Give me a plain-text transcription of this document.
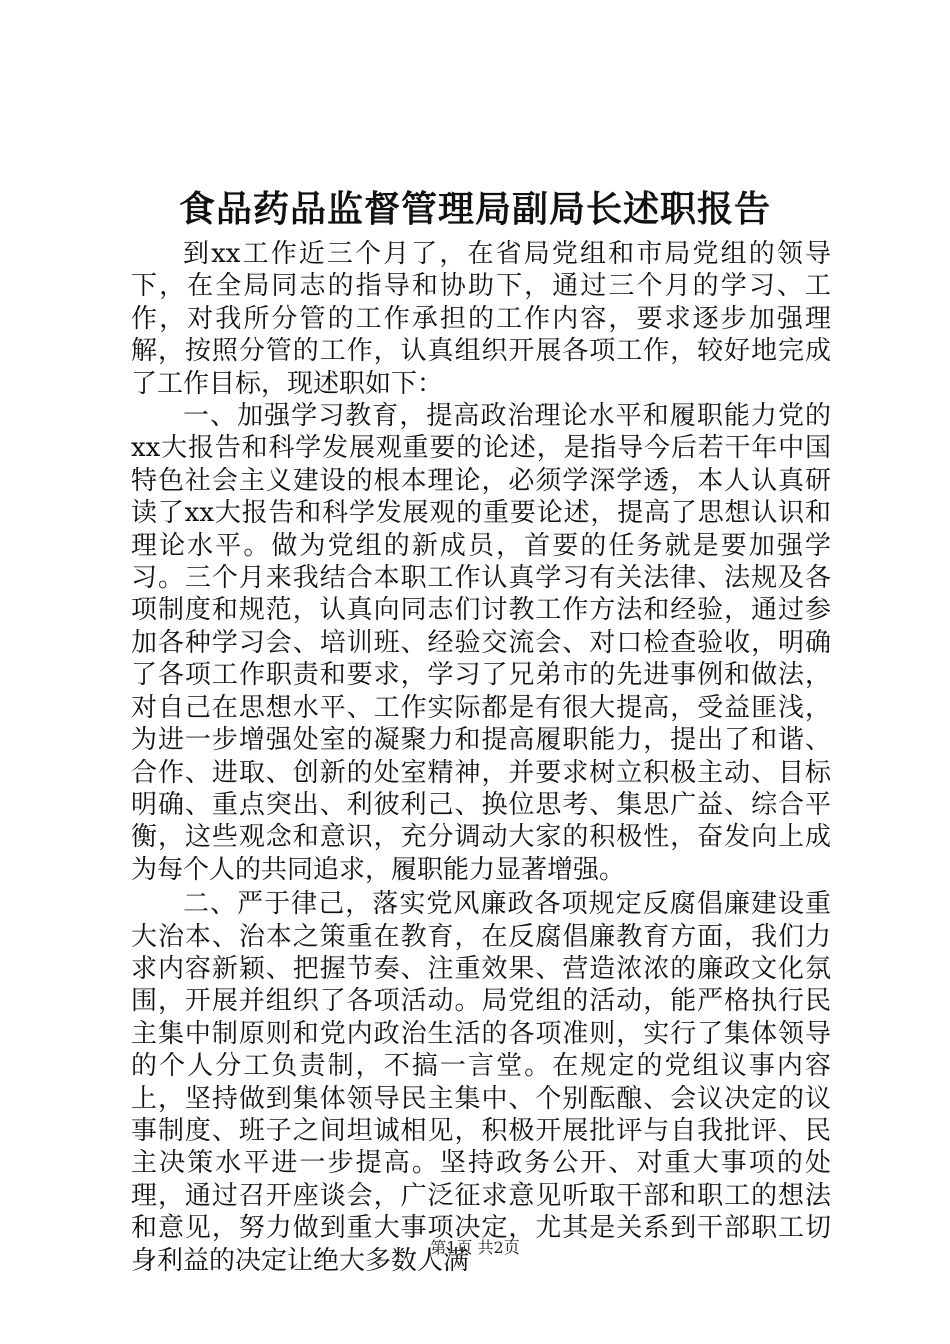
食品药品监督管理局副局长述职报告

到xx工作近三个月了，在省局党组和市局党组的领导下，在全局同志的指导和协助下，通过三个月的学习、工作，对我所分管的工作承担的工作内容，要求逐步加强理解，按照分管的工作，认真组织开展各项工作，较好地完成了工作目标，现述职如下：

一、加强学习教育，提高政治理论水平和履职能力党的xx大报告和科学发展观重要的论述，是指导今后若干年中国特色社会主义建设的根本理论，必须学深学透，本人认真研读了xx大报告和科学发展观的重要论述，提高了思想认识和理论水平。做为党组的新成员，首要的任务就是要加强学习。三个月来我结合本职工作认真学习有关法律、法规及各项制度和规范，认真向同志们讨教工作方法和经验，通过参加各种学习会、培训班、经验交流会、对口检查验收，明确了各项工作职责和要求，学习了兄弟市的先进事例和做法，对自己在思想水平、工作实际都是有很大提高，受益匪浅，为进一步增强处室的凝聚力和提高履职能力，提出了和谐、合作、进取、创新的处室精神，并要求树立积极主动、目标明确、重点突出、利彼利己、换位思考、集思广益、综合平衡，这些观念和意识，充分调动大家的积极性，奋发向上成为每个人的共同追求，履职能力显著增强。

二、严于律己，落实党风廉政各项规定反腐倡廉建设重大治本、治本之策重在教育，在反腐倡廉教育方面，我们力求内容新颖、把握节奏、注重效果、营造浓浓的廉政文化氛围，开展并组织了各项活动。局党组的活动，能严格执行民主集中制原则和党内政治生活的各项准则，实行了集体领导的个人分工负责制，不搞一言堂。在规定的党组议事内容上，坚持做到集体领导民主集中、个别酝酿、会议决定的议事制度、班子之间坦诚相见，积极开展批评与自我批评、民主决策水平进一步提高。坚持政务公开、对重大事项的处理，通过召开座谈会，广泛征求意见听取干部和职工的想法和意见，努力做到重大事项决定，尤其是关系到干部职工切身利益的决定让绝大多数人满

第1页 共2页
